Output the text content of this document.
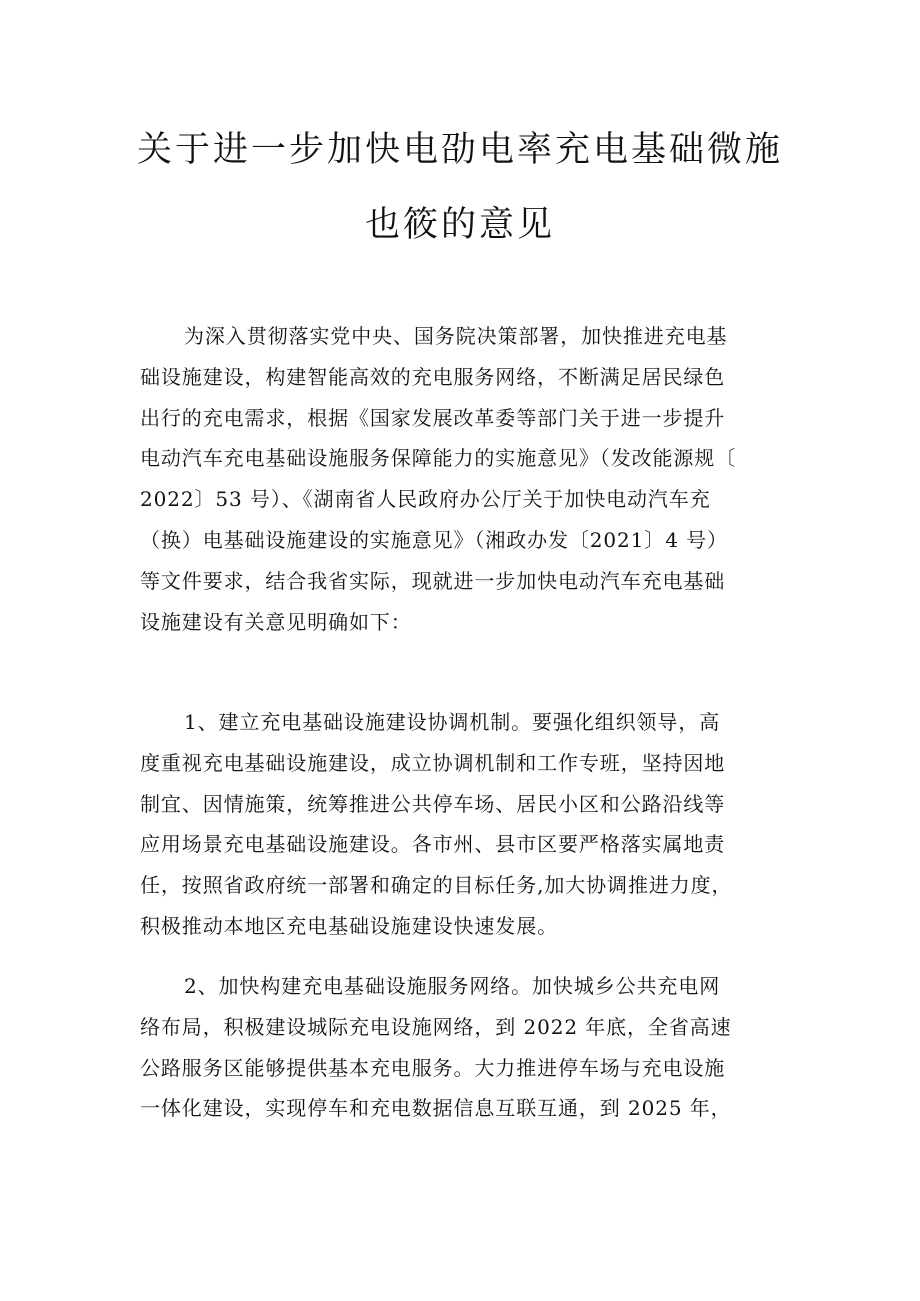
关于进一步加快电劭电率充电基础微施
也筱的意见
为深入贯彻落实党中央、国务院决策部署，加快推进充电基
础设施建设，构建智能高效的充电服务网络，不断满足居民绿色
出行的充电需求，根据《国家发展改革委等部门关于进一步提升
电动汽车充电基础设施服务保障能力的实施意见》（发改能源规〔
2022〕53 号）、《湖南省人民政府办公厅关于加快电动汽车充
（换）电基础设施建设的实施意见》（湘政办发〔2021〕4 号）
等文件要求，结合我省实际，现就进一步加快电动汽车充电基础
设施建设有关意见明确如下：
1、建立充电基础设施建设协调机制。要强化组织领导，高
度重视充电基础设施建设，成立协调机制和工作专班，坚持因地
制宜、因情施策，统筹推进公共停车场、居民小区和公路沿线等
应用场景充电基础设施建设。各市州、县市区要严格落实属地责
任，按照省政府统一部署和确定的目标任务,加大协调推进力度，
积极推动本地区充电基础设施建设快速发展。
2、加快构建充电基础设施服务网络。加快城乡公共充电网
络布局，积极建设城际充电设施网络，到 2022 年底，全省高速
公路服务区能够提供基本充电服务。大力推进停车场与充电设施
一体化建设，实现停车和充电数据信息互联互通，到 2025 年，
